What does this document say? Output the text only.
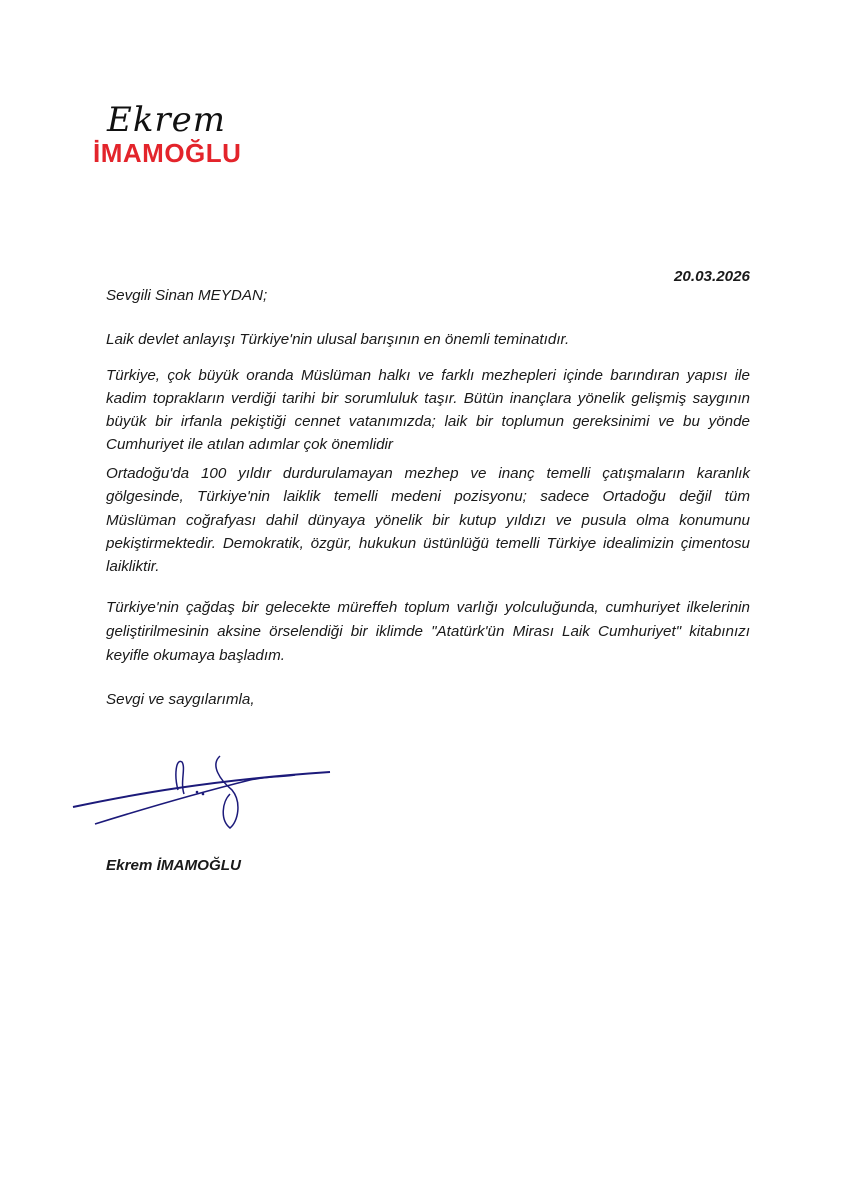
Ekrem
İMAMOĞLU
20.03.2026
Sevgili Sinan MEYDAN;
Laik devlet anlayışı Türkiye'nin ulusal barışının en önemli teminatıdır.
Türkiye, çok büyük oranda Müslüman halkı ve farklı mezhepleri içinde barındıran yapısı ile
kadim toprakların verdiği tarihi bir sorumluluk taşır. Bütün inançlara yönelik gelişmiş saygının
büyük bir irfanla pekiştiği cennet vatanımızda; laik bir toplumun gereksinimi ve bu yönde
Cumhuriyet ile atılan adımlar çok önemlidir
Ortadoğu'da 100 yıldır durdurulamayan mezhep ve inanç temelli çatışmaların karanlık
gölgesinde, Türkiye'nin laiklik temelli medeni pozisyonu; sadece Ortadoğu değil tüm
Müslüman coğrafyası dahil dünyaya yönelik bir kutup yıldızı ve pusula olma konumunu
pekiştirmektedir. Demokratik, özgür, hukukun üstünlüğü temelli Türkiye idealimizin çimentosu
laikliktir.
Türkiye'nin çağdaş bir gelecekte müreffeh toplum varlığı yolculuğunda, cumhuriyet ilkelerinin
geliştirilmesinin aksine örselendiği bir iklimde "Atatürk'ün Mirası Laik Cumhuriyet" kitabınızı
keyifle okumaya başladım.
Sevgi ve saygılarımla,
Ekrem İMAMOĞLU
